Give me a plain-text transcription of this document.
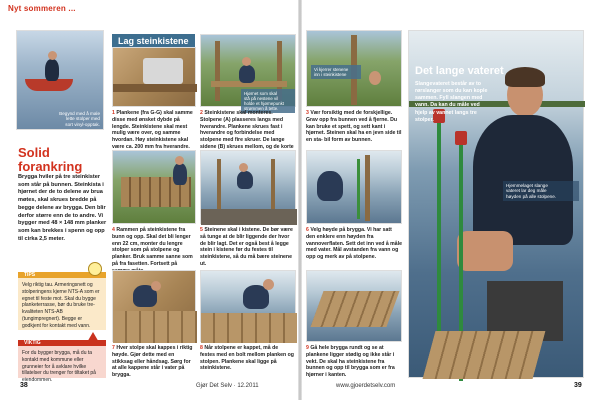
Nyt sommeren ...
Begynd med å male
lette stolper med
sort vinyl-opptak.
Solid
forankring
Brygga hviler på tre steinkister som står på bunnen. Steinkista i hjørnet der de to delene av brua møtes, skal skrues bredde på begge delene av brygga. Den blir derfor større enn de to andre. Vi bygger med 48 × 148 mm planker som kan brekkes i spenn og opp til cirka 2,5 meter.
TIPS
Velg riktig tau. Armeringsnett og stolperingens kjerne NTS-A som er egnet til feste mot. Skal du bygge planketerrasse, bør du bruke tre-kvaliteten NTS-AB (tungimpregnert). Begge er godkjent for kontakt med vann.
VIKTIG
For du bygger brygga, må du ta kontakt med kommune eller grunneier for å avklare hvilke tillatelser du trenger for tiltaket på eiendommen.
38	Gjør Det Selv · 12.2011
Lag steinkistene
Hjørnet som skal
stå på nestene vil
holde et hjørnepunkt
strømmen å tette.
1 Plankene (fra G-G) skal samme disse med ønsket dybde på lengde. Steinkistene skal mest mulig være over, og samme hvordan. Høy steinkistene skal være ca. 200 mm fra hverandre.
2 Steinkistene skal monteres. Stolpene (A) plasseres langs med hverandre. Plankene skrues fast i hverandre og forbindelse med stolpene med fire skruer. De lange sidene (B) skrues mellom, og de korte
4 Rammen på steinkistene fra bunn og opp. Skal det bli lenger enn 22 cm, monter du lengre stolper som på stolpene og planker. Bruk samme sanne som på fra fasetten. Fortsett på
5 Steinene skal i kistene. De bør være så tunge at de blir liggende der hvor de blir lagt. Det er også best å legge stein i kistene før du festes til steinkistene, så du må bære steinene ut.
7 Hver stolpe skal kappes i riktig høyde. Gjør dette med en stikksag eller håndsag. Sørg for at alle kappene står i vater på brygga.
8 Når stolpene er kappet, må de festes med en bolt mellom planken og stolpen. Plankene skal ligge på steinkistene.
Vi kjerrer stenene
inn i steinkistene
3 Vær forsiktig med de forskjellige. Grav opp fra bunnen ved å fjerne. Du kan bruke et spett, og sett kant i hjørnet. Steinen skal ha en jevn side til en sta- bil form av bunnen.
6 Velg høyde på brygga. Vi har satt den enklere enn høyden fra vannoverflaten. Sett det inn ved å måle med vater. Mål avstanden fra vann og opp og merk av på stolpene.
9 Gå hele brygga rundt og se at plankene ligger stødig og ikke står i vekt. De skal ha steinkistene fra bunnen og opp til brygga som er fra hjørner i kanten.
Det lange vateret
Slangevateret består av to rørslanger som du kan kople sammen. Fyll slangen med vann. Da kan du måle ved hjelp av vannet langs tre stolper.
Hjemmelaget slange
vateret lar deg måle
høyden på alle stolpene.
www.gjoerdetselv.com	39
